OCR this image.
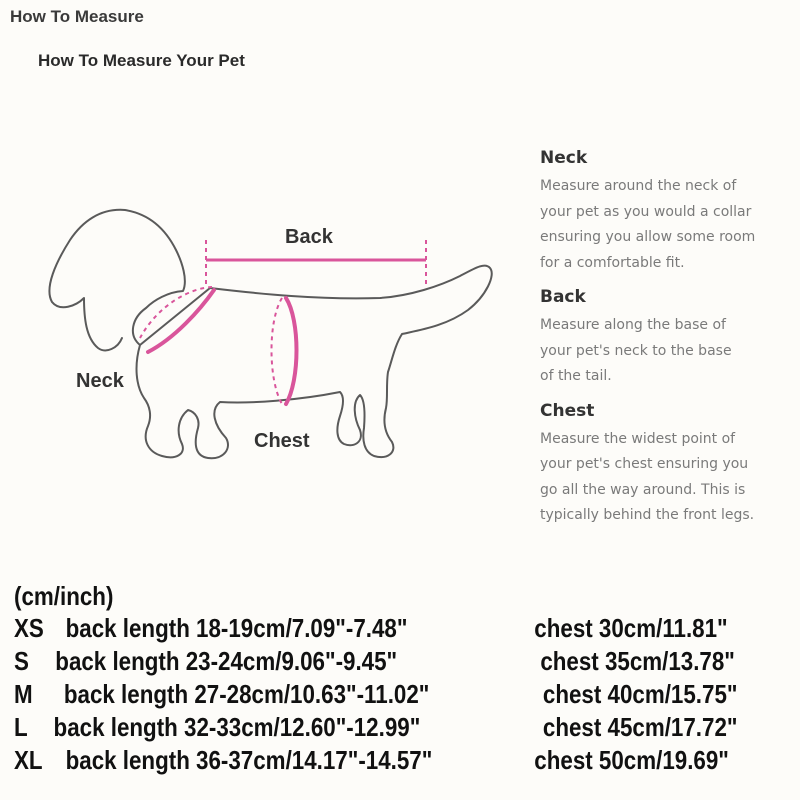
How To Measure
How To Measure Your Pet
Back
Neck
Chest
Neck
Measure around the neck of
your pet as you would a collar
ensuring you allow some room
for a comfortable fit.
Back
Measure along the base of
your pet's neck to the base
of the tail.
Chest
Measure the widest point of
your pet's chest ensuring you
go all the way around. This is
typically behind the front legs.
(cm/inch)
XS back length 18-19cm/7.09"-7.48"	chest 30cm/11.81"
S back length 23-24cm/9.06"-9.45"	chest 35cm/13.78"
M back length 27-28cm/10.63"-11.02"	chest 40cm/15.75"
L back length 32-33cm/12.60"-12.99"	chest 45cm/17.72"
XL back length 36-37cm/14.17"-14.57"	chest 50cm/19.69"
